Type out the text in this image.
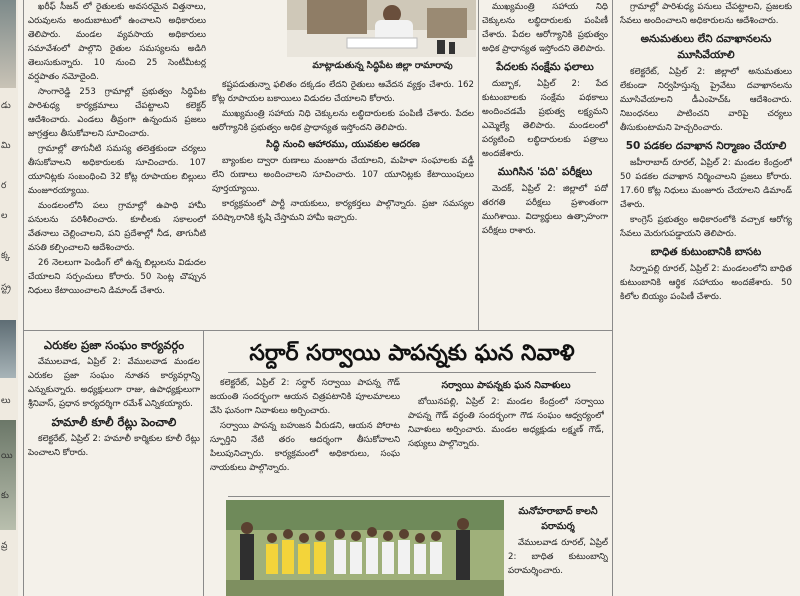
డు
మి
ర
ల
క్క
స్ట్ర
లు
యి
కు
వ్ర

ఖరీఫ్ సీజన్ లో రైతులకు అవసరమైన విత్తనాలు, ఎరువులను అందుబాటులో ఉంచాలని అధికారులు తెలిపారు. మండల వ్యవసాయ అధికారులు సమావేశంలో పాల్గొని రైతుల సమస్యలను అడిగి తెలుసుకున్నారు. 10 నుంచి 25 సెంటీమీటర్ల వర్షపాతం నమోదైంది.

సాంగారెడ్డి 253 గ్రామాల్లో ప్రభుత్వం సిద్ధిపేట పారిశుధ్య కార్యక్రమాలు చేపట్టాలని కలెక్టర్ ఆదేశించారు. ఎండలు తీవ్రంగా ఉన్నందున ప్రజలు జాగ్రత్తలు తీసుకోవాలని సూచించారు.

గ్రామాల్లో తాగునీటి సమస్య తలెత్తకుండా చర్యలు తీసుకోవాలని అధికారులకు సూచించారు. 107 యూనిట్లకు సంబంధించి 32 కోట్ల రూపాయల బిల్లులు మంజూరయ్యాయి.

మండలంలోని పలు గ్రామాల్లో ఉపాధి హామీ పనులను పరిశీలించారు. కూలీలకు సకాలంలో వేతనాలు చెల్లించాలని, పని ప్రదేశాల్లో నీడ, తాగునీటి వసతి కల్పించాలని ఆదేశించారు.

26 నెలలుగా పెండింగ్ లో ఉన్న బిల్లులను విడుదల చేయాలని సర్పంచులు కోరారు. 50 సెంట్ల చొప్పున నిధులు కేటాయించాలని డిమాండ్ చేశారు.

మాట్లాడుతున్న సిద్ధిపేట జిల్లా రామారావు

కష్టపడుతున్నా ఫలితం దక్కడం లేదని రైతులు ఆవేదన వ్యక్తం చేశారు. 162 కోట్ల రూపాయల బకాయిలు విడుదల చేయాలని కోరారు.

ముఖ్యమంత్రి సహాయ నిధి చెక్కులను లబ్ధిదారులకు పంపిణీ చేశారు. పేదల ఆరోగ్యానికి ప్రభుత్వం అధిక ప్రాధాన్యత ఇస్తోందని తెలిపారు.

సిద్ధి నుంచి ఆహారము, యువకుల ఆదరణ

బ్యాంకుల ద్వారా రుణాలు మంజూరు చేయాలని, మహిళా సంఘాలకు వడ్డీ లేని రుణాలు అందించాలని సూచించారు. 107 యూనిట్లకు కేటాయింపులు పూర్తయ్యాయి.

కార్యక్రమంలో పార్టీ నాయకులు, కార్యకర్తలు పాల్గొన్నారు. ప్రజా సమస్యల పరిష్కారానికి కృషి చేస్తామని హామీ ఇచ్చారు.

ముఖ్యమంత్రి సహాయ నిధి చెక్కులను లబ్ధిదారులకు పంపిణీ చేశారు. పేదల ఆరోగ్యానికి ప్రభుత్వం అధిక ప్రాధాన్యత ఇస్తోందని తెలిపారు.

పేదలకు సంక్షేమ ఫలాలు

దుబ్బాక, ఏప్రిల్ 2: పేద కుటుంబాలకు సంక్షేమ పథకాలు అందించడమే ప్రభుత్వ లక్ష్యమని ఎమ్మెల్యే తెలిపారు. మండలంలో పర్యటించి లబ్ధిదారులకు పత్రాలు అందజేశారు.

ముగిసిన 'పది' పరీక్షలు

మెదక్, ఏప్రిల్ 2: జిల్లాలో పదో తరగతి పరీక్షలు ప్రశాంతంగా ముగిశాయి. విద్యార్థులు ఉత్సాహంగా పరీక్షలు రాశారు.

గ్రామాల్లో పారిశుధ్య పనులు చేపట్టాలని, ప్రజలకు సేవలు అందించాలని అధికారులను ఆదేశించారు.

అనుమతులు లేని దవాఖానలను మూసివేయాలి

కలెక్టరేట్, ఏప్రిల్ 2: జిల్లాలో అనుమతులు లేకుండా నిర్వహిస్తున్న ప్రైవేటు దవాఖానలను మూసివేయాలని డీఎంహెచ్ఓ ఆదేశించారు. నిబంధనలు పాటించని వారిపై చర్యలు తీసుకుంటామని హెచ్చరించారు.

50 పడకల దవాఖాన నిర్మాణం చేయాలి

జహీరాబాద్ రూరల్, ఏప్రిల్ 2: మండల కేంద్రంలో 50 పడకల దవాఖాన నిర్మించాలని ప్రజలు కోరారు. 17.60 కోట్ల నిధులు మంజూరు చేయాలని డిమాండ్ చేశారు.

కాంగ్రెస్ ప్రభుత్వం అధికారంలోకి వచ్చాక ఆరోగ్య సేవలు మెరుగుపడ్డాయని తెలిపారు.

బాధిత కుటుంబానికి బాసట

సిర్నాపల్లి రూరల్, ఏప్రిల్ 2: మండలంలోని బాధిత కుటుంబానికి ఆర్థిక సహాయం అందజేశారు. 50 కిలోల బియ్యం పంపిణీ చేశారు.

ఎరుకల ప్రజా సంఘం కార్యవర్గం

వేములవాడ, ఏప్రిల్ 2: వేములవాడ మండల ఎరుకల ప్రజా సంఘం నూతన కార్యవర్గాన్ని ఎన్నుకున్నారు. అధ్యక్షులుగా రాజు, ఉపాధ్యక్షులుగా శ్రీనివాస్, ప్రధాన కార్యదర్శిగా రమేశ్ ఎన్నికయ్యారు.

హమాలీ కూలీ రేట్లు పెంచాలి

కలెక్టరేట్, ఏప్రిల్ 2: హమాలీ కార్మికుల కూలీ రేట్లు పెంచాలని కోరారు.

సర్దార్ సర్వాయి పాపన్నకు ఘన నివాళి

కలెక్టరేట్, ఏప్రిల్ 2: సర్దార్ సర్వాయి పాపన్న గౌడ్ జయంతి సందర్భంగా ఆయన చిత్రపటానికి పూలమాలలు వేసి ఘనంగా నివాళులు అర్పించారు.

సర్వాయి పాపన్న బహుజన వీరుడని, ఆయన పోరాట స్ఫూర్తిని నేటి తరం ఆదర్శంగా తీసుకోవాలని పిలుపునిచ్చారు. కార్యక్రమంలో అధికారులు, సంఘ నాయకులు పాల్గొన్నారు.

సర్వాయి పాపన్నకు ఘన నివాళులు

బోయినపల్లి, ఏప్రిల్ 2: మండల కేంద్రంలో సర్వాయి పాపన్న గౌడ్ వర్ధంతి సందర్భంగా గౌడ సంఘం ఆధ్వర్యంలో నివాళులు అర్పించారు. మండల అధ్యక్షుడు లక్ష్మణ్ గౌడ్, సభ్యులు పాల్గొన్నారు.

మనోహరాబాద్ కాలనీ పరామర్శ

వేములవాడ రూరల్, ఏప్రిల్ 2: బాధిత కుటుంబాన్ని పరామర్శించారు.
